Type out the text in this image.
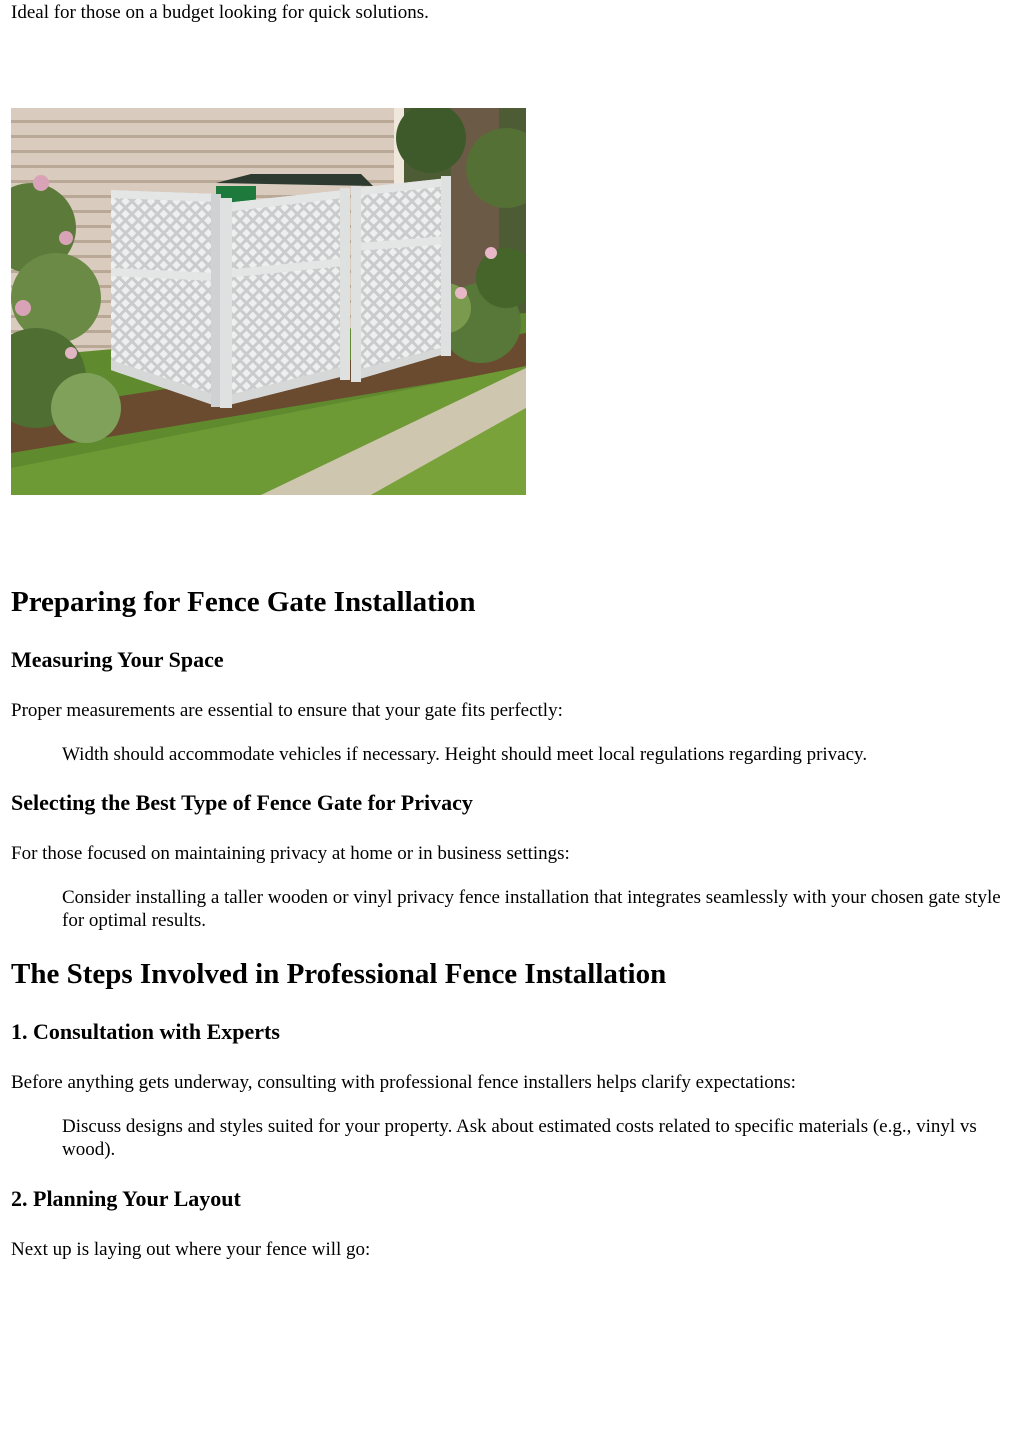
Ideal for those on a budget looking for quick solutions.

Preparing for Fence Gate Installation
Measuring Your Space

Proper measurements are essential to ensure that your gate fits perfectly:

Width should accommodate vehicles if necessary. Height should meet local regulations regarding privacy.

Selecting the Best Type of Fence Gate for Privacy

For those focused on maintaining privacy at home or in business settings:

Consider installing a taller wooden or vinyl privacy fence installation that integrates seamlessly with your chosen gate style for optimal results.

The Steps Involved in Professional Fence Installation
1. Consultation with Experts

Before anything gets underway, consulting with professional fence installers helps clarify expectations:

Discuss designs and styles suited for your property. Ask about estimated costs related to specific materials (e.g., vinyl vs wood).

2. Planning Your Layout

Next up is laying out where your fence will go:
